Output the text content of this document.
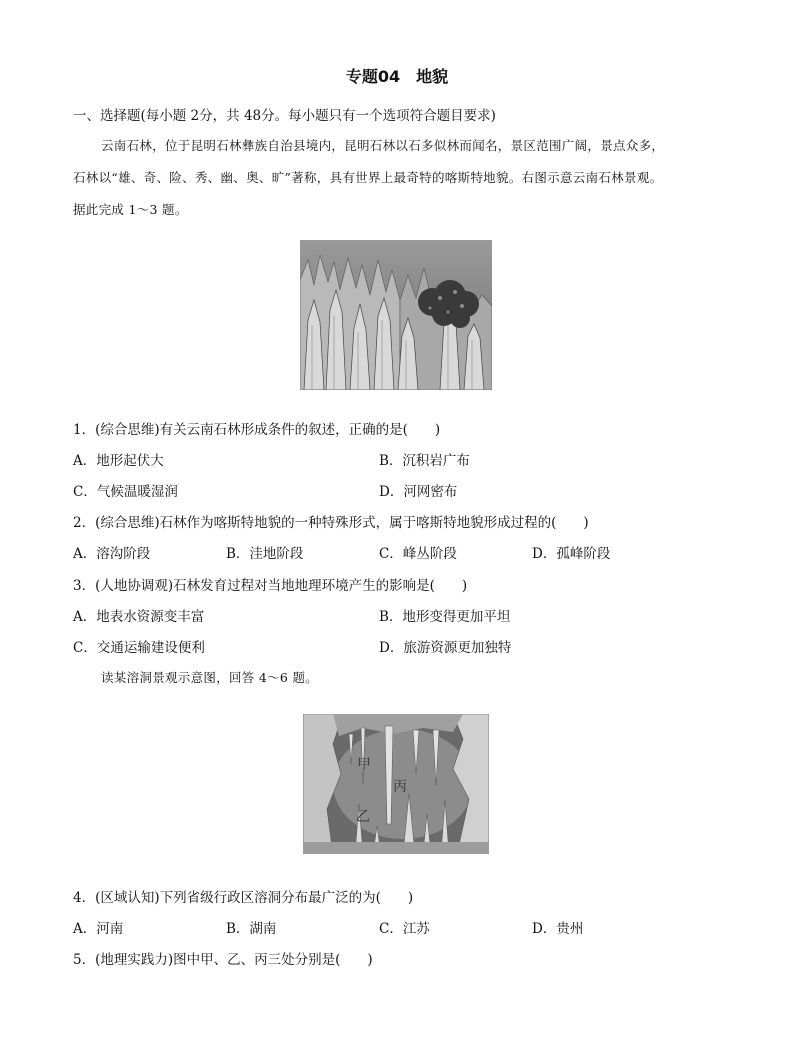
专题04　地貌
一、选择题(每小题 2分，共 48分。每小题只有一个选项符合题目要求)
云南石林，位于昆明石林彝族自治县境内，昆明石林以石多似林而闻名，景区范围广阔，景点众多，
石林以“雄、奇、险、秀、幽、奥、旷”著称，具有世界上最奇特的喀斯特地貌。右图示意云南石林景观。
据此完成 1～3 题。
1．(综合思维)有关云南石林形成条件的叙述，正确的是(　　)
A．地形起伏大	B．沉积岩广布
C．气候温暖湿润	D．河网密布
2．(综合思维)石林作为喀斯特地貌的一种特殊形式，属于喀斯特地貌形成过程的(　　)
A．溶沟阶段	B．洼地阶段	C．峰丛阶段	D．孤峰阶段
3．(人地协调观)石林发育过程对当地地理环境产生的影响是(　　)
A．地表水资源变丰富	B．地形变得更加平坦
C．交通运输建设便利	D．旅游资源更加独特
读某溶洞景观示意图，回答 4～6 题。
甲
丙
乙
4．(区域认知)下列省级行政区溶洞分布最广泛的为(　　)
A．河南	B．湖南	C．江苏	D．贵州
5．(地理实践力)图中甲、乙、丙三处分别是(　　)
